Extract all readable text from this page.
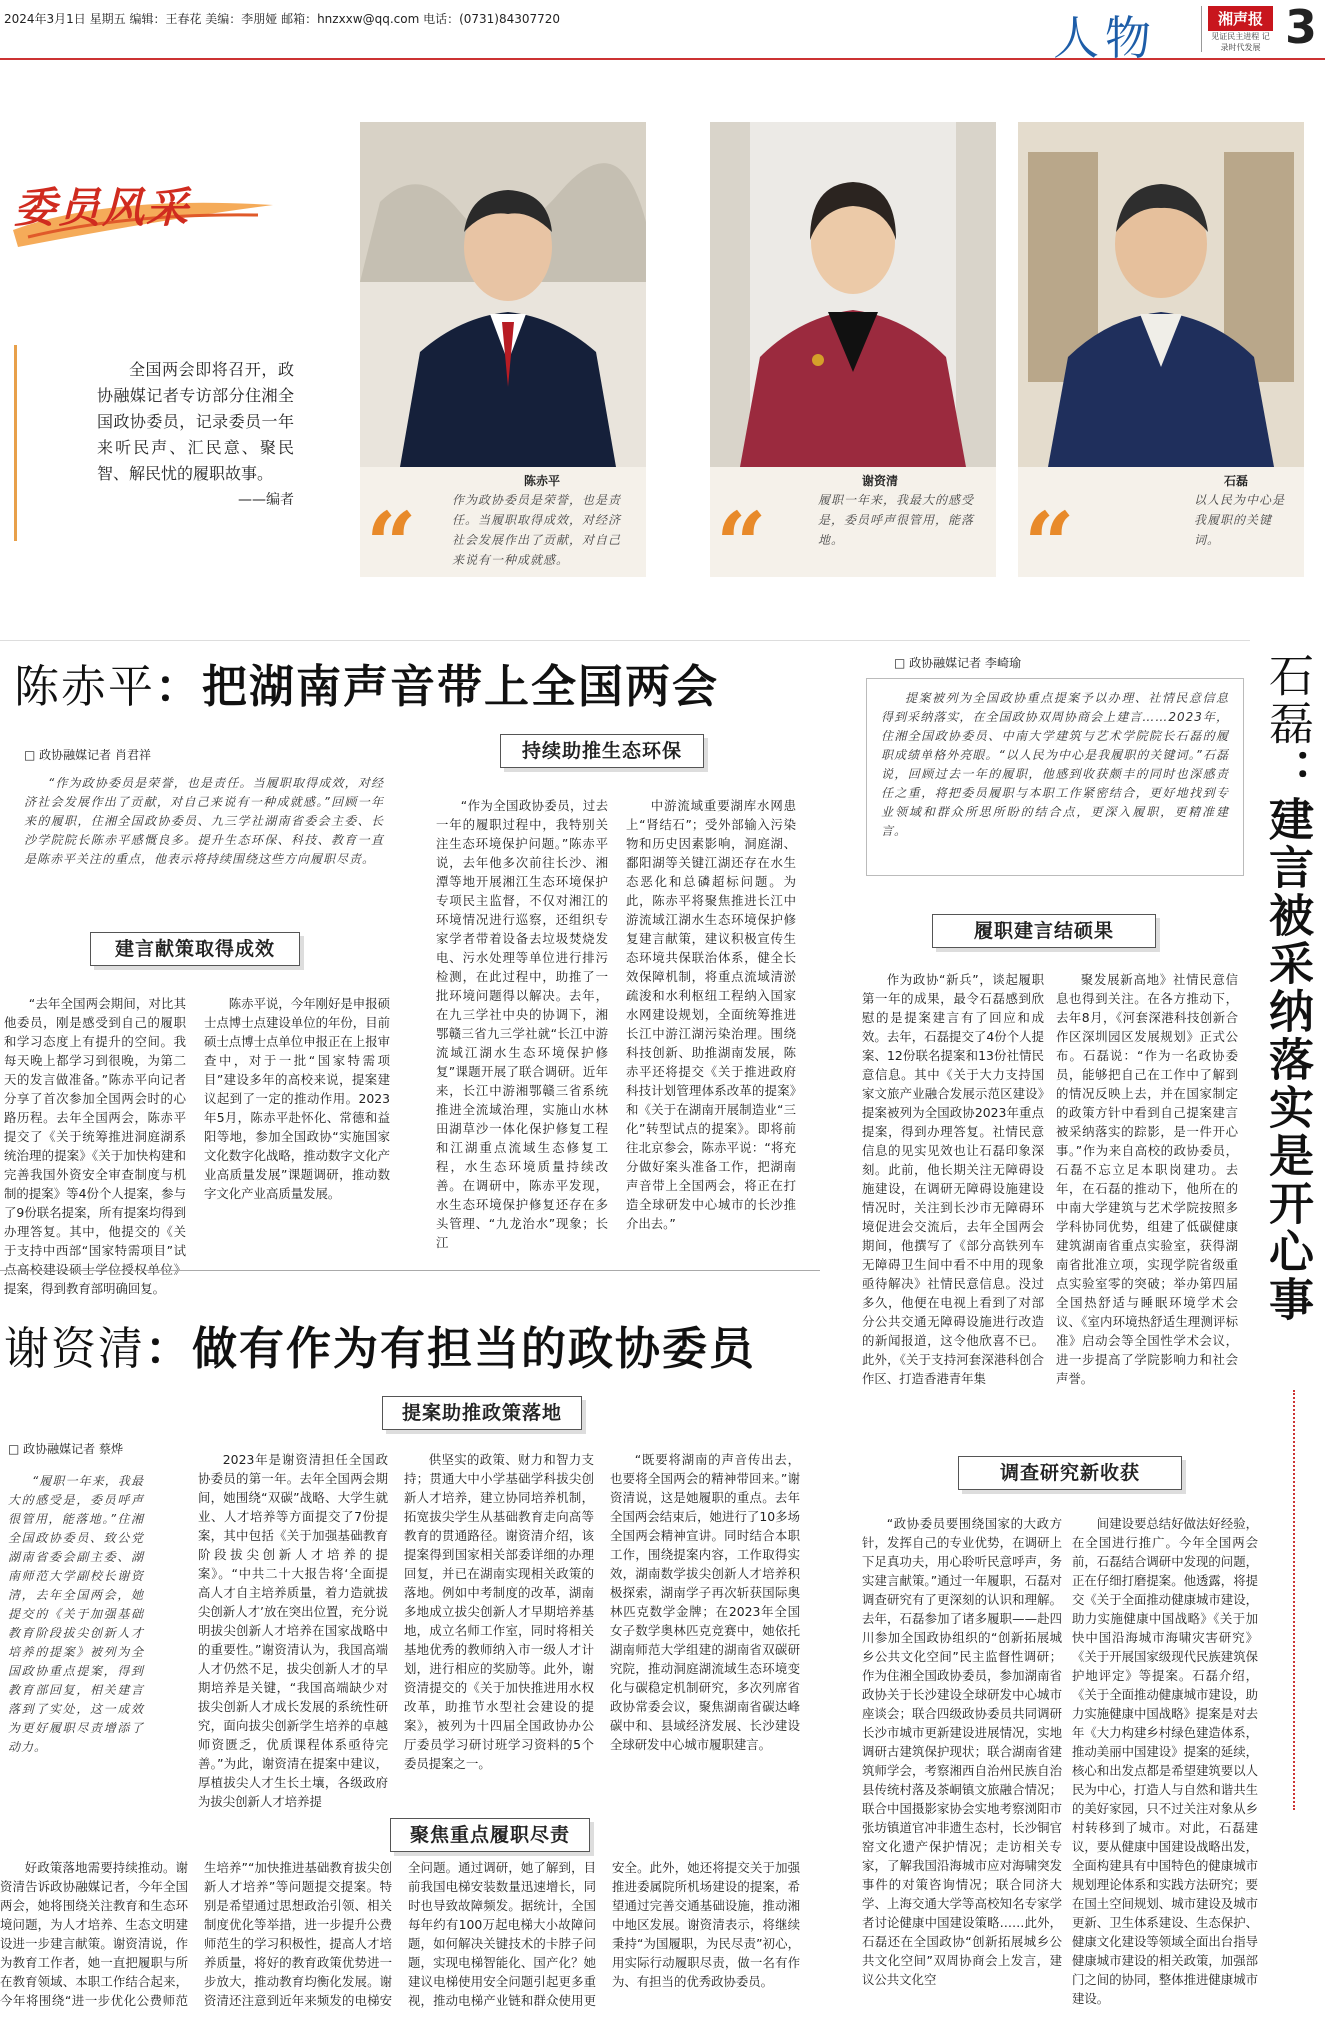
2024年3月1日 星期五 编辑：王春花 美编：李朋娅 邮箱：hnzxxw@qq.com 电话：(0731)84307720	人物	湘声报
见证民主进程 记录时代发展 3
委员风采

全国两会即将召开，政协融媒记者专访部分住湘全国政协委员，记录委员一年来听民声、汇民意、聚民智、解民忧的履职故事。

——编者

陈赤平
“	作为政协委员是荣誉，也是责任。当履职取得成效，对经济社会发展作出了贡献，对自己来说有一种成就感。
谢资清
“	履职一年来，我最大的感受是，委员呼声很管用，能落地。
石磊
“	以人民为中心是我履职的关键词。
陈赤平：把湖南声音带上全国两会
□ 政协融媒记者 肖君祥
“作为政协委员是荣誉，也是责任。当履职取得成效，对经济社会发展作出了贡献，对自己来说有一种成就感。”回顾一年来的履职，住湘全国政协委员、九三学社湖南省委会主委、长沙学院院长陈赤平感慨良多。提升生态环保、科技、教育一直是陈赤平关注的重点，他表示将持续围绕这些方向履职尽责。
建言献策取得成效
持续助推生态环保

“去年全国两会期间，对比其他委员，刚是感受到自己的履职和学习态度上有提升的空间。我每天晚上都学习到很晚，为第二天的发言做准备。”陈赤平向记者分享了首次参加全国两会时的心路历程。去年全国两会，陈赤平提交了《关于统筹推进洞庭湖系统治理的提案》《关于加快构建和完善我国外资安全审查制度与机制的提案》等4份个人提案，参与了9份联名提案，所有提案均得到办理答复。其中，他提交的《关于支持中西部“国家特需项目”试点高校建设硕士学位授权单位》提案，得到教育部明确回复。

陈赤平说，今年刚好是申报硕士点博士点建设单位的年份，目前硕士点博士点单位申报正在上报审查中，对于一批“国家特需项目”建设多年的高校来说，提案建议起到了一定的推动作用。2023年5月，陈赤平赴怀化、常德和益阳等地，参加全国政协“实施国家文化数字化战略，推动数字文化产业高质量发展”课题调研，推动数字文化产业高质量发展。

“作为全国政协委员，过去一年的履职过程中，我特别关注生态环境保护问题。”陈赤平说，去年他多次前往长沙、湘潭等地开展湘江生态环境保护专项民主监督，不仅对湘江的环境情况进行巡察，还组织专家学者带着设备去垃圾焚烧发电、污水处理等单位进行排污检测，在此过程中，助推了一批环境问题得以解决。去年，在九三学社中央的协调下，湘鄂赣三省九三学社就“长江中游流域江湖水生态环境保护修复”课题开展了联合调研。近年来，长江中游湘鄂赣三省系统推进全流域治理，实施山水林田湖草沙一体化保护修复工程和江湖重点流域生态修复工程，水生态环境质量持续改善。在调研中，陈赤平发现，水生态环境保护修复还存在多头管理、“九龙治水”现象；长江

中游流域重要湖库水网患上“肾结石”；受外部输入污染物和历史因素影响，洞庭湖、鄱阳湖等关键江湖还存在水生态恶化和总磷超标问题。为此，陈赤平将聚焦推进长江中游流域江湖水生态环境保护修复建言献策，建议积极宣传生态环境共保联治体系，健全长效保障机制，将重点流域清淤疏浚和水利枢纽工程纳入国家水网建设规划，全面统筹推进长江中游江湖污染治理。围绕科技创新、助推湖南发展，陈赤平还将提交《关于推进政府科技计划管理体系改革的提案》和《关于在湖南开展制造业“三化”转型试点的提案》。即将前往北京参会，陈赤平说：“将充分做好案头准备工作，把湖南声音带上全国两会，将正在打造全球研发中心城市的长沙推介出去。”

谢资清：做有作为有担当的政协委员
提案助推政策落地
□ 政协融媒记者 蔡烨
“履职一年来，我最大的感受是，委员呼声很管用，能落地。”住湘全国政协委员、致公党湖南省委会副主委、湖南师范大学副校长谢资清，去年全国两会，她提交的《关于加强基础教育阶段拔尖创新人才培养的提案》被列为全国政协重点提案，得到教育部回复，相关建言落到了实处，这一成效为更好履职尽责增添了动力。

2023年是谢资清担任全国政协委员的第一年。去年全国两会期间，她围绕“双碳”战略、大学生就业、人才培养等方面提交了7份提案，其中包括《关于加强基础教育阶段拔尖创新人才培养的提案》。“中共二十大报告将‘全面提高人才自主培养质量，着力造就拔尖创新人才’放在突出位置，充分说明拔尖创新人才培养在国家战略中的重要性。”谢资清认为，我国高端人才仍然不足，拔尖创新人才的早期培养是关键，“我国高端缺少对拔尖创新人才成长发展的系统性研究，面向拔尖创新学生培养的卓越师资匮乏，优质课程体系亟待完善。”为此，谢资清在提案中建议，厚植拔尖人才生长土壤，各级政府为拔尖创新人才培养提

供坚实的政策、财力和智力支持；贯通大中小学基础学科拔尖创新人才培养，建立协同培养机制，拓宽拔尖学生从基础教育走向高等教育的贯通路径。谢资清介绍，该提案得到国家相关部委详细的办理回复，并已在湖南实现相关政策的落地。例如中考制度的改革，湖南多地成立拔尖创新人才早期培养基地，成立名师工作室，同时将相关基地优秀的教师纳入市一级人才计划，进行相应的奖励等。此外，谢资清提交的《关于加快推进用水权改革，助推节水型社会建设的提案》，被列为十四届全国政协办公厅委员学习研讨班学习资料的5个委员提案之一。

“既要将湖南的声音传出去，也要将全国两会的精神带回来。”谢资清说，这是她履职的重点。去年全国两会结束后，她进行了10多场全国两会精神宣讲。同时结合本职工作，围绕提案内容，工作取得实效，湖南数学拔尖创新人才培养积极探索，湖南学子再次斩获国际奥林匹克数学金牌；在2023年全国女子数学奥林匹克竞赛中，她依托湖南师范大学组建的湖南省双碳研究院，推动洞庭湖流域生态环境变化与碳稳定机制研究，多次列席省政协常委会议，聚焦湖南省碳达峰碳中和、县域经济发展、长沙建设全球研发中心城市履职建言。

聚焦重点履职尽责

好政策落地需要持续推动。谢资清告诉政协融媒记者，今年全国两会，她将围绕关注教育和生态环境问题，为人才培养、生态文明建设进一步建言献策。谢资清说，作为教育工作者，她一直把履职与所在教育领域、本职工作结合起来，今年将围绕“进一步优化公费师范生培养”“加快推进基础教育拔尖创新人才培养”等问题提交提案。特别是希望通过思想政治引领、相关制度优化等举措，进一步提升公费师范生的学习积极性，提高人才培养质量，将好的教育政策优势进一步放大，推动教育均衡化发展。谢资清还注意到近年来频发的电梯安全问题。通过调研，她了解到，目前我国电梯安装数量迅速增长，同时也导致故障频发。据统计，全国每年约有100万起电梯大小故障问题，如何解决关键技术的卡脖子问题，实现电梯智能化、国产化？她建议电梯使用安全问题引起更多重视，推动电梯产业链和群众使用更安全。此外，她还将提交关于加强推进委属院所机场建设的提案，希望通过完善交通基础设施，推动湘中地区发展。谢资清表示，将继续秉持“为国履职，为民尽责”初心，用实际行动履职尽责，做一名有作为、有担当的优秀政协委员。

□ 政协融媒记者 李崎瑜
提案被列为全国政协重点提案予以办理、社情民意信息得到采纳落实，在全国政协双周协商会上建言……2023年，住湘全国政协委员、中南大学建筑与艺术学院院长石磊的履职成绩单格外亮眼。“以人民为中心是我履职的关键词。”石磊说，回顾过去一年的履职，他感到收获颇丰的同时也深感责任之重，将把委员履职与本职工作紧密结合，更好地找到专业领域和群众所思所盼的结合点，更深入履职，更精准建言。
履职建言结硕果

作为政协“新兵”，谈起履职第一年的成果，最令石磊感到欣慰的是提案建言有了回应和成效。去年，石磊提交了4份个人提案、12份联名提案和13份社情民意信息。其中《关于大力支持国家文旅产业融合发展示范区建设》提案被列为全国政协2023年重点提案，得到办理答复。社情民意信息的见实见效也让石磊印象深刻。此前，他长期关注无障碍设施建设，在调研无障碍设施建设情况时，关注到长沙市无障碍环境促进会交流后，去年全国两会期间，他撰写了《部分高铁列车无障碍卫生间中看不中用的现象亟待解决》社情民意信息。没过多久，他便在电视上看到了对部分公共交通无障碍设施进行改造的新闻报道，这令他欣喜不已。此外，《关于支持河套深港科创合作区、打造香港青年集

聚发展新高地》社情民意信息也得到关注。在各方推动下，去年8月，《河套深港科技创新合作区深圳园区发展规划》正式公布。石磊说：“作为一名政协委员，能够把自己在工作中了解到的情况反映上去，并在国家制定的政策方针中看到自己提案建言被采纳落实的踪影，是一件开心事。”作为来自高校的政协委员，石磊不忘立足本职岗建功。去年，在石磊的推动下，他所在的中南大学建筑与艺术学院按照多学科协同优势，组建了低碳健康建筑湖南省重点实验室，获得湖南省批准立项，实现学院省级重点实验室零的突破；举办第四届全国热舒适与睡眠环境学术会议、《室内环境热舒适生理测评标准》启动会等全国性学术会议，进一步提高了学院影响力和社会声誉。

调查研究新收获

“政协委员要围绕国家的大政方针，发挥自己的专业优势，在调研上下足真功夫，用心聆听民意呼声，务实建言献策。”通过一年履职，石磊对调查研究有了更深刻的认识和理解。去年，石磊参加了诸多履职——赴四川参加全国政协组织的“创新拓展城乡公共文化空间”民主监督性调研；作为住湘全国政协委员，参加湖南省政协关于长沙建设全球研发中心城市座谈会；联合四级政协委员共同调研长沙市城市更新建设进展情况，实地调研古建筑保护现状；联合湖南省建筑师学会，考察湘西自治州民族自治县传统村落及茶峒镇文旅融合情况；联合中国摄影家协会实地考察浏阳市张坊镇道官冲非遗生态村，长沙铜官窑文化遗产保护情况；走访相关专家，了解我国沿海城市应对海啸突发事件的对策咨询情况；联合同济大学、上海交通大学等高校知名专家学者讨论健康中国建设策略……此外，石磊还在全国政协“创新拓展城乡公共文化空间”双周协商会上发言，建议公共文化空

间建设要总结好做法好经验，在全国进行推广。今年全国两会前，石磊结合调研中发现的问题，正在仔细打磨提案。他透露，将提交《关于全面推动健康城市建设，助力实施健康中国战略》《关于加快中国沿海城市海啸灾害研究》《关于开展国家级现代民族建筑保护地评定》等提案。石磊介绍，《关于全面推动健康城市建设，助力实施健康中国战略》提案是对去年《大力构建乡村绿色建造体系，推动美丽中国建设》提案的延续，核心和出发点都是希望建筑要以人民为中心，打造人与自然和谐共生的美好家园，只不过关注对象从乡村转移到了城市。对此，石磊建议，要从健康中国建设战略出发，全面构建具有中国特色的健康城市规划理论体系和实践方法研究；要在国土空间规划、城市建设及城市更新、卫生体系建设、生态保护、健康文化建设等领域全面出台指导健康城市建设的相关政策，加强部门之间的协同，整体推进健康城市建设。

石磊：建言被采纳落实是开心事
